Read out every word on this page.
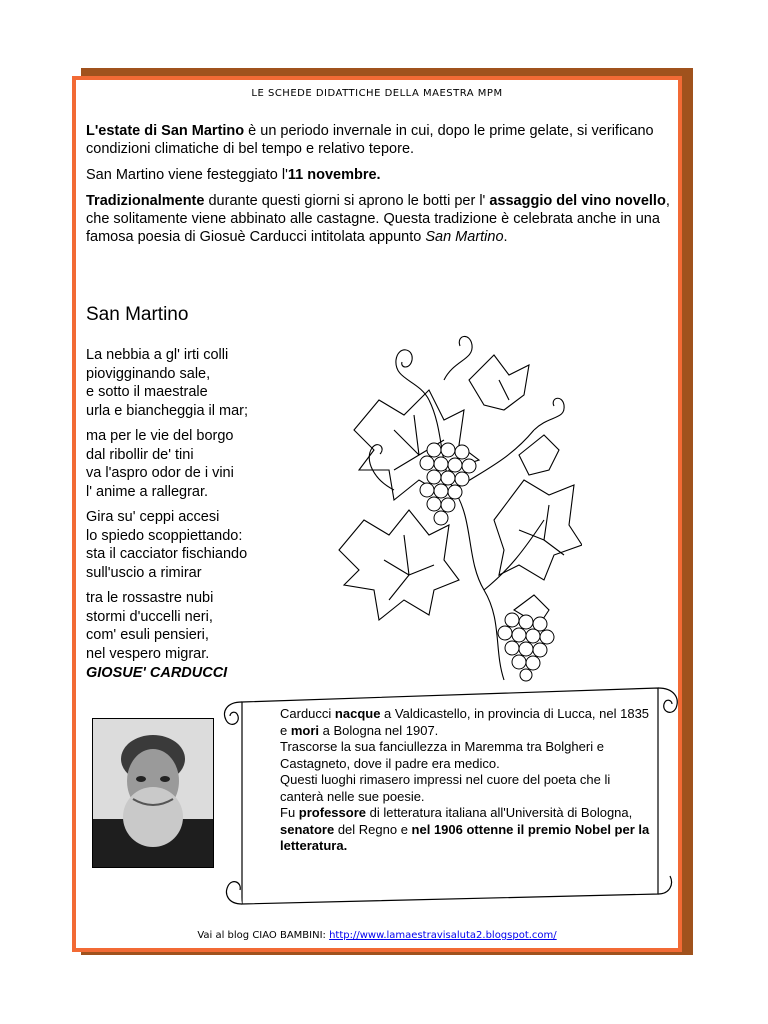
LE SCHEDE DIDATTICHE DELLA MAESTRA MPM

L'estate di San Martino è un periodo invernale in cui, dopo le prime gelate, si verificano condizioni climatiche di bel tempo e relativo tepore.

San Martino viene festeggiato l'11 novembre.

Tradizionalmente durante questi giorni si aprono le botti per l' assaggio del vino novello, che solitamente viene abbinato alle castagne. Questa tradizione è celebrata anche in una famosa poesia di Giosuè Carducci intitolata appunto San Martino.

San Martino
La nebbia a gl' irti colli
piovigginando sale,
e sotto il maestrale
urla e biancheggia il mar;
ma per le vie del borgo
dal ribollir de' tini
va l'aspro odor de i vini
l' anime a rallegrar.
Gira su' ceppi accesi
lo spiedo scoppiettando:
sta il cacciator fischiando
sull'uscio a rimirar
tra le rossastre nubi
stormi d'uccelli neri,
com' esuli pensieri,
nel vespero migrar.
GIOSUE' CARDUCCI
Carducci nacque a Valdicastello, in provincia di Lucca, nel 1835 e mori a Bologna nel 1907.
Trascorse la sua fanciullezza in Maremma tra Bolgheri e Castagneto, dove il padre era medico.
Questi luoghi rimasero impressi nel cuore del poeta che li canterà nelle sue poesie.
Fu professore di letteratura italiana all'Università di Bologna, senatore del Regno e nel 1906 ottenne il premio Nobel per la letteratura.
Vai al blog CIAO BAMBINI: http://www.lamaestravisaluta2.blogspot.com/
